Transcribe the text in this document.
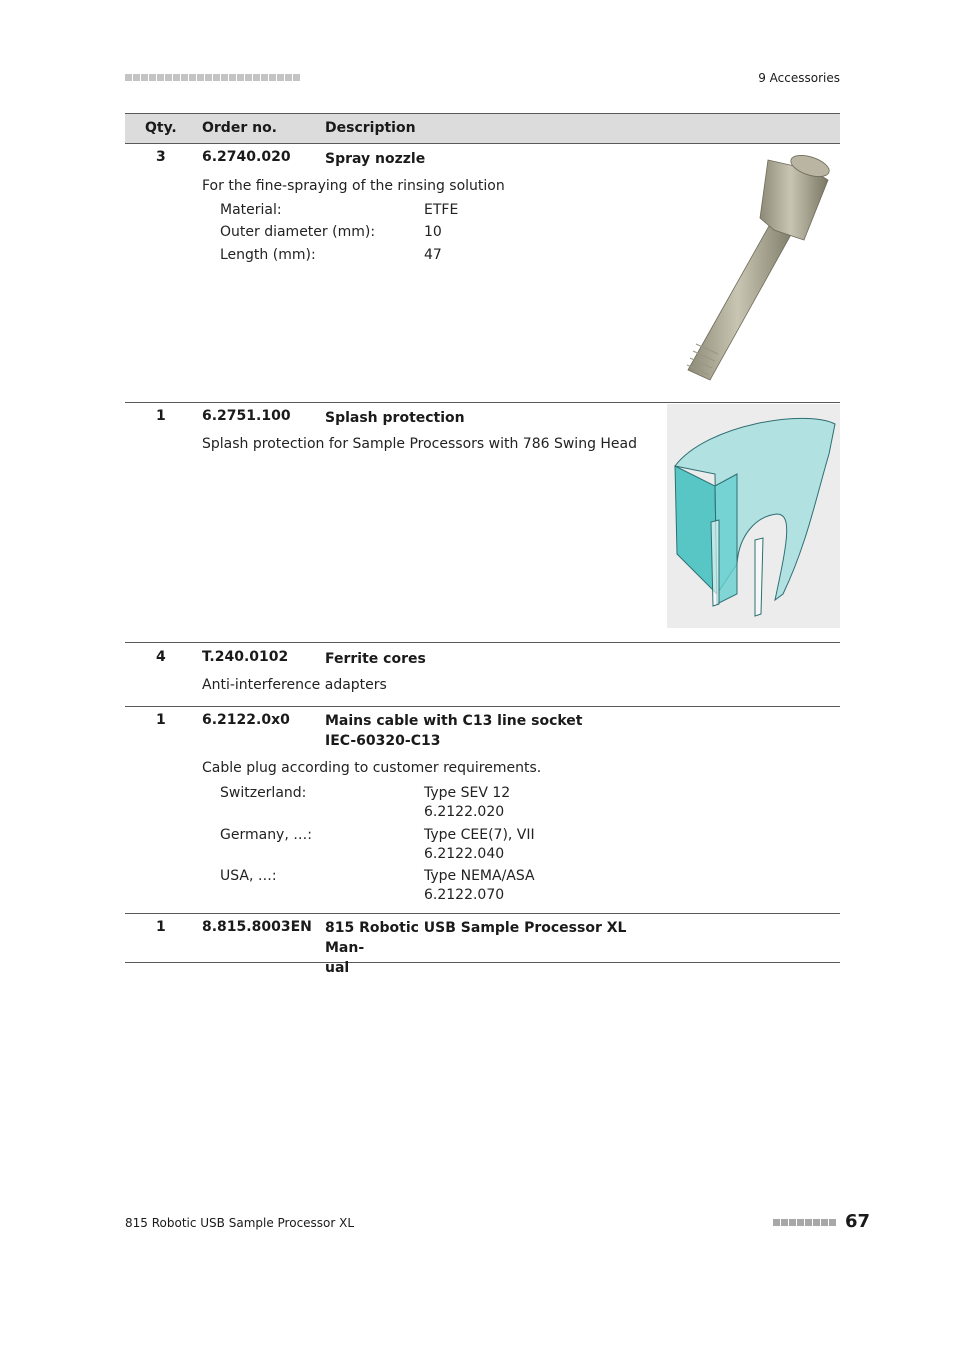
9 Accessories
Qty. Order no.	Description
3	6.2740.020 Spray nozzle
For the fine-spraying of the rinsing solution
Material:	ETFE
Outer diameter (mm):	10
Length (mm):	47
1	6.2751.100 Splash protection
Splash protection for Sample Processors with 786 Swing Head
4	T.240.0102	Ferrite cores
Anti-interference adapters
1	6.2122.0x0	Mains cable with C13 line socket
IEC-60320-C13
Cable plug according to customer requirements.
Switzerland:	Type SEV 12
6.2122.020
Germany, …:	Type CEE(7), VII
6.2122.040
USA, …:	Type NEMA/ASA
6.2122.070
1	8.815.8003EN 815 Robotic USB Sample Processor XL Man-
ual
815 Robotic USB Sample Processor XL	67
